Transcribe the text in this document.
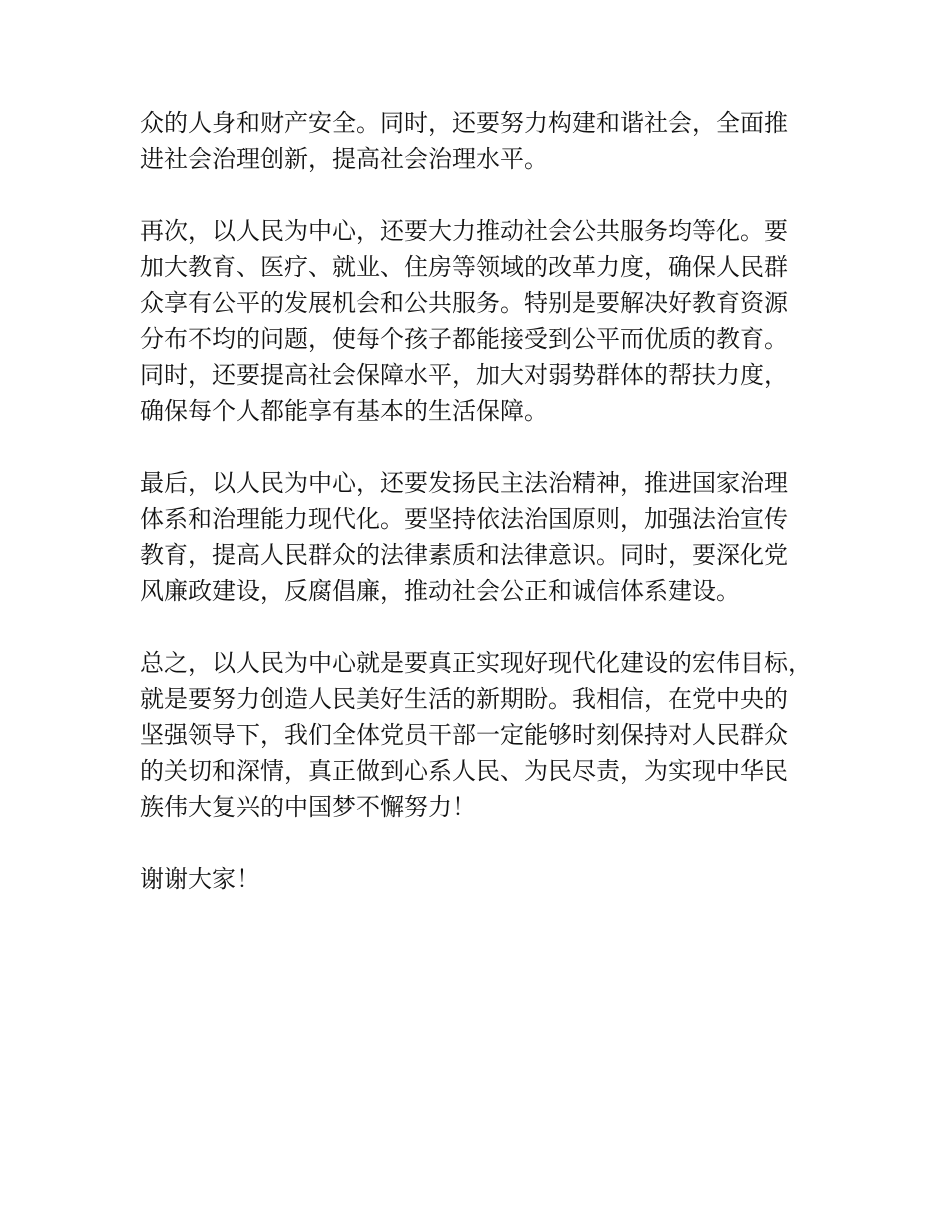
众的人身和财产安全。同时，还要努力构建和谐社会，全面推
进社会治理创新，提高社会治理水平。
再次，以人民为中心，还要大力推动社会公共服务均等化。要
加大教育、医疗、就业、住房等领域的改革力度，确保人民群
众享有公平的发展机会和公共服务。特别是要解决好教育资源
分布不均的问题，使每个孩子都能接受到公平而优质的教育。
同时，还要提高社会保障水平，加大对弱势群体的帮扶力度，
确保每个人都能享有基本的生活保障。
最后，以人民为中心，还要发扬民主法治精神，推进国家治理
体系和治理能力现代化。要坚持依法治国原则，加强法治宣传
教育，提高人民群众的法律素质和法律意识。同时，要深化党
风廉政建设，反腐倡廉，推动社会公正和诚信体系建设。
总之，以人民为中心就是要真正实现好现代化建设的宏伟目标，
就是要努力创造人民美好生活的新期盼。我相信，在党中央的
坚强领导下，我们全体党员干部一定能够时刻保持对人民群众
的关切和深情，真正做到心系人民、为民尽责，为实现中华民
族伟大复兴的中国梦不懈努力！
谢谢大家！
